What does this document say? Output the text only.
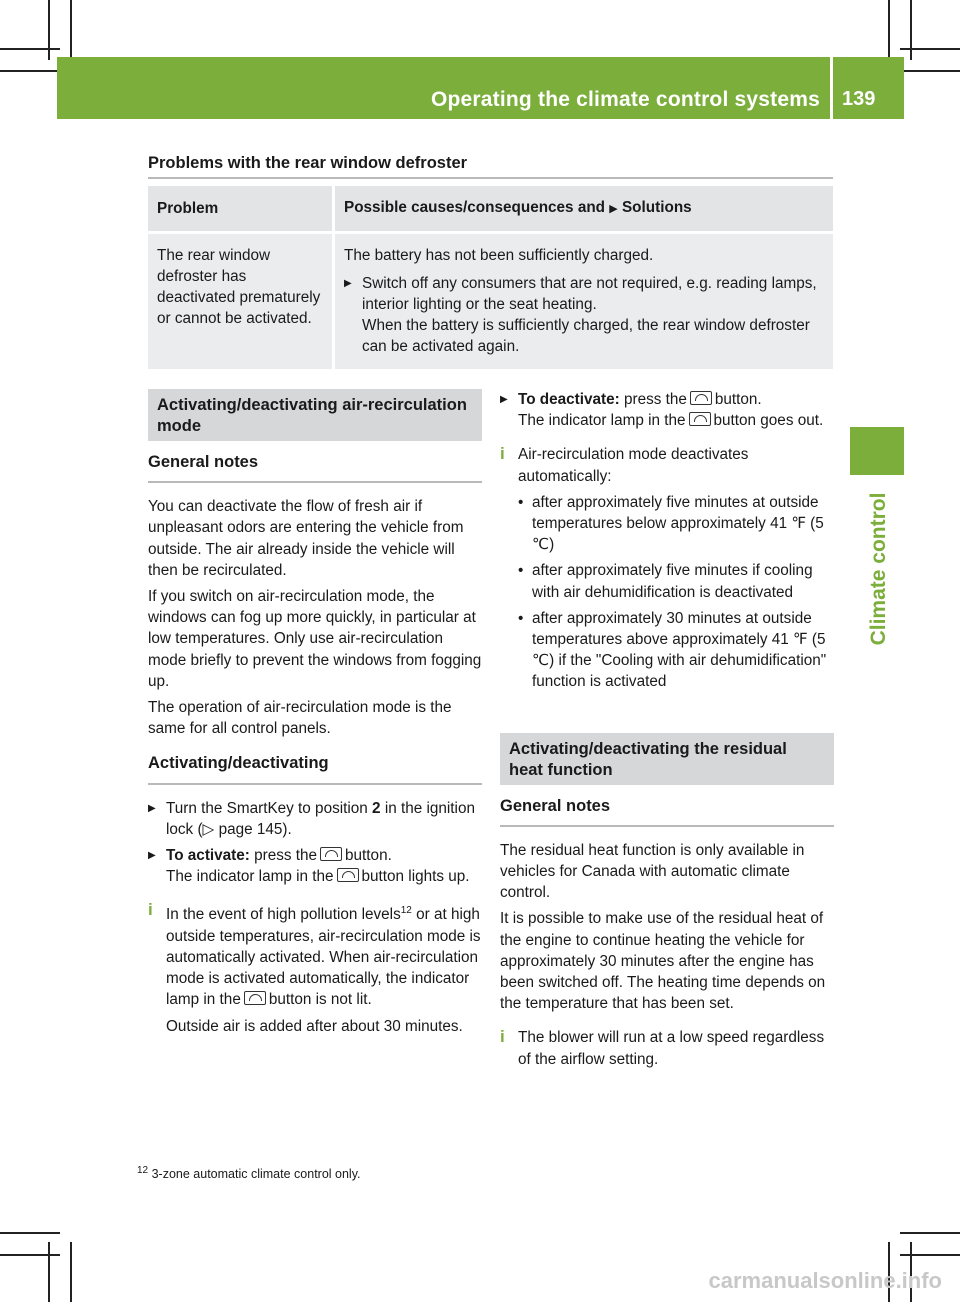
Operating the climate control systems 139
Climate control
Problems with the rear window defroster
Problem	Possible causes/consequences and ▶ Solutions
The rear window defroster has deactivated prematurely or cannot be activated.	The battery has not been sufficiently charged.
▶ Switch off any consumers that are not required, e.g. reading lamps, interior lighting or the seat heating.
When the battery is sufficiently charged, the rear window defroster can be activated again.
Activating/deactivating air-recirculation mode
General notes
You can deactivate the flow of fresh air if unpleasant odors are entering the vehicle from outside. The air already inside the vehicle will then be recirculated.
If you switch on air-recirculation mode, the windows can fog up more quickly, in particular at low temperatures. Only use air-recirculation mode briefly to prevent the windows from fogging up.
The operation of air-recirculation mode is the same for all control panels.
Activating/deactivating
▶ Turn the SmartKey to position 2 in the ignition lock (▷ page 145).
▶ To activate: press the button.
The indicator lamp in the button lights up.
i In the event of high pollution levels$^{12}$ or at high outside temperatures, air-recirculation mode is automatically activated. When air-recirculation mode is activated automatically, the indicator lamp in the button is not lit.
Outside air is added after about 30 minutes.
▶ To deactivate: press the button.
The indicator lamp in the button goes out.
i Air-recirculation mode deactivates automatically:
• after approximately five minutes at outside temperatures below approximately 41 ℉ (5 ℃)
• after approximately five minutes if cooling with air dehumidification is deactivated
• after approximately 30 minutes at outside temperatures above approximately 41 ℉ (5 ℃) if the "Cooling with air dehumidification" function is activated
Activating/deactivating the residual heat function
General notes
The residual heat function is only available in vehicles for Canada with automatic climate control.
It is possible to make use of the residual heat of the engine to continue heating the vehicle for approximately 30 minutes after the engine has been switched off. The heating time depends on the temperature that has been set.
i The blower will run at a low speed regardless of the airflow setting.
$^{12}$ 3-zone automatic climate control only.
carmanualsonline.info
